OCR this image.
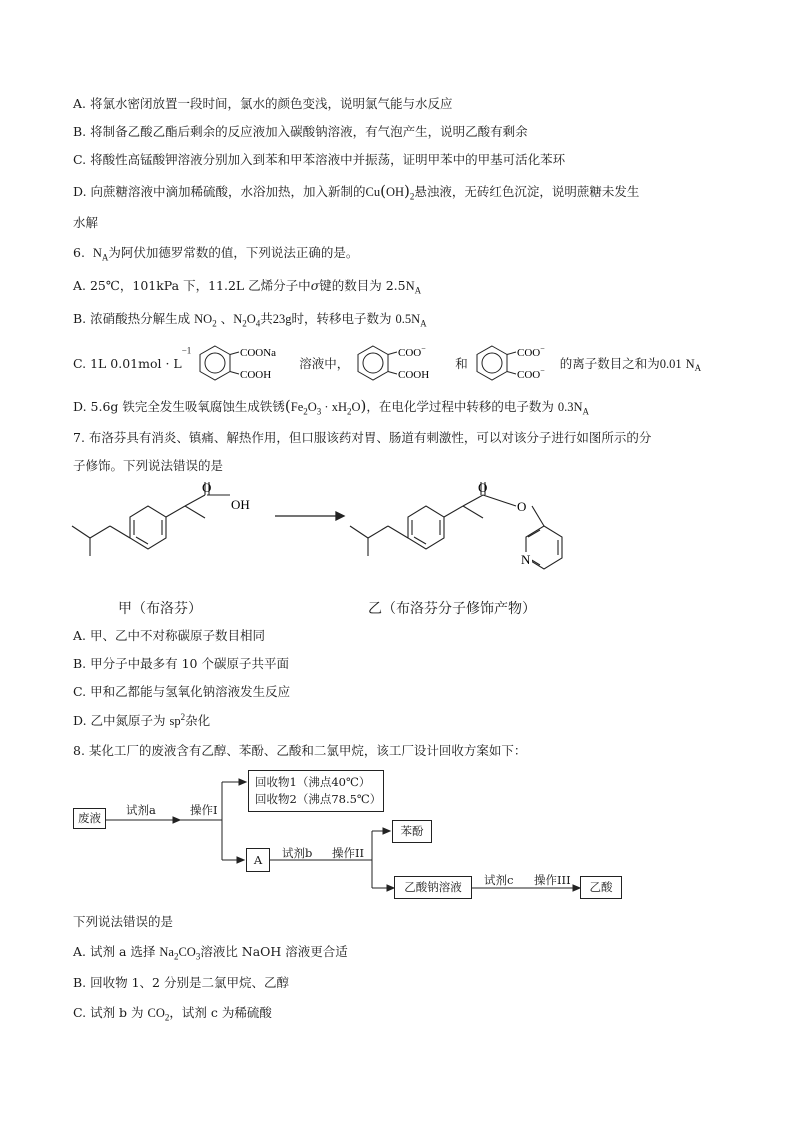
A. 将氯水密闭放置一段时间，氯水的颜色变浅，说明氯气能与水反应
B. 将制备乙酸乙酯后剩余的反应液加入碳酸钠溶液，有气泡产生，说明乙酸有剩余
C. 将酸性高锰酸钾溶液分别加入到苯和甲苯溶液中并振荡，证明甲苯中的甲基可活化苯环
D. 向蔗糖溶液中滴加稀硫酸，水浴加热，加入新制的$Cu(OH)_2$悬浊液，无砖红色沉淀，说明蔗糖未发生
水解
6. $N_A$为阿伏加德罗常数的值，下列说法正确的是。
A. 25℃，101kPa 下，11.2L 乙烯分子中σ键的数目为 $2.5N_A$
B. 浓硝酸热分解生成 $NO_2$ 、$N_2O_4$共23g时，转移电子数为 $0.5N_A$
C. 1L $0.01mol \cdot L^{-1}$	COONa
COOH
溶液中，
COO−
COOH
和
COO−
COO− 的离子数目之和为0.01 $N_A$
D. 5.6g 铁完全发生吸氧腐蚀生成铁锈$(Fe_2O_3 \cdot xH_2O)$，在电化学过程中转移的电子数为 $0.3N_A$
7. 布洛芬具有消炎、镇痛、解热作用，但口服该药对胃、肠道有刺激性，可以对该分子进行如图所示的分
子修饰。下列说法错误的是
O
OH
O
O
N
甲（布洛芬）	乙（布洛芬分子修饰产物）
A. 甲、乙中不对称碳原子数目相同
B. 甲分子中最多有 10 个碳原子共平面
C. 甲和乙都能与氢氧化钠溶液发生反应
D. 乙中氮原子为 $sp^2$杂化
8. 某化工厂的废液含有乙醇、苯酚、乙酸和二氯甲烷，该工厂设计回收方案如下：
废液
试剂a	操作I
回收物1（沸点40℃）
回收物2（沸点78.5℃）
A	试剂b 操作II
苯酚
乙酸钠溶液	试剂c 操作III	乙酸
下列说法错误的是
A. 试剂 a 选择 $Na_2CO_3$溶液比 NaOH 溶液更合适
B. 回收物 1、2 分别是二氯甲烷、乙醇
C. 试剂 b 为 $CO_2$，试剂 c 为稀硫酸
